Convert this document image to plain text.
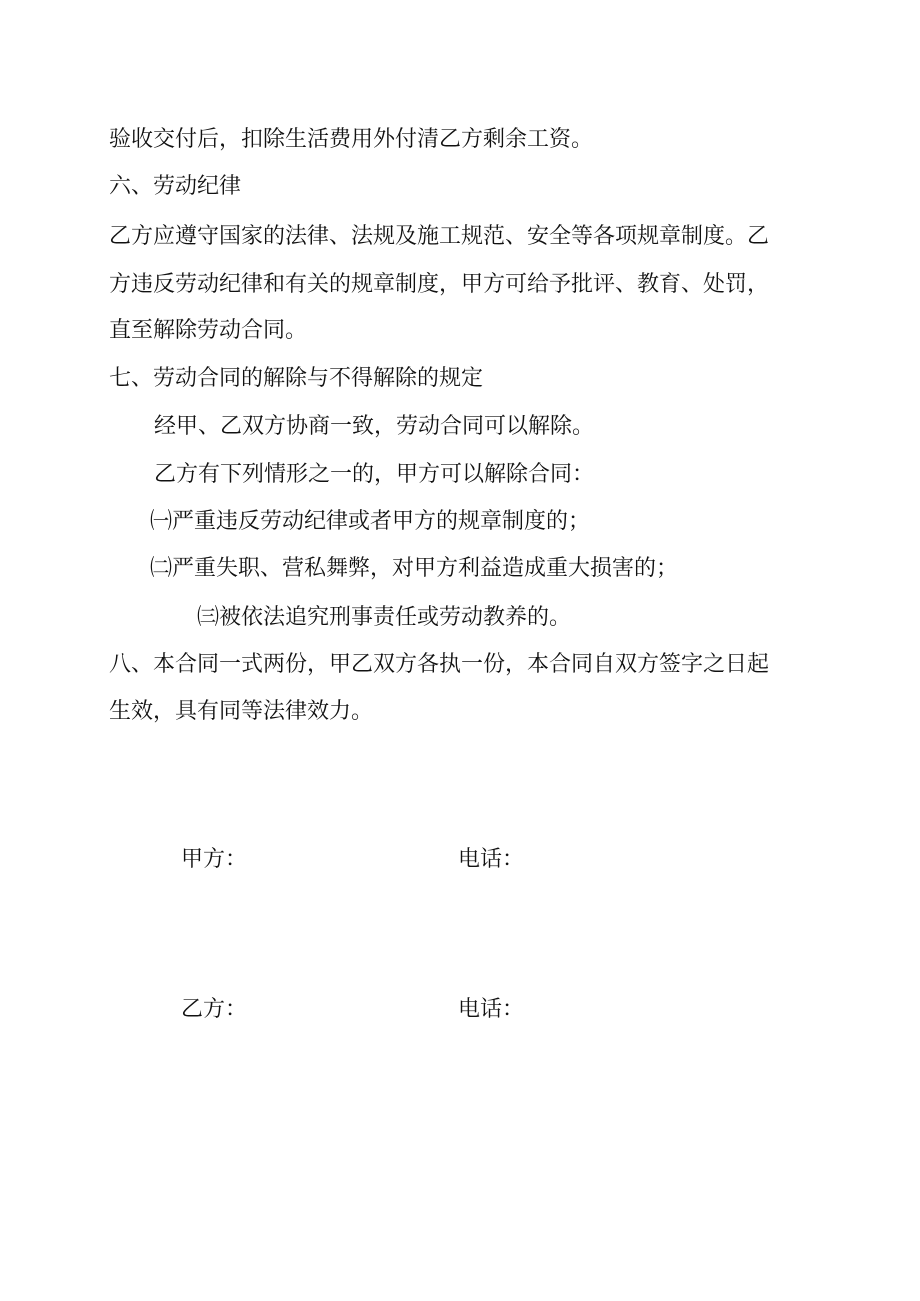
验收交付后，扣除生活费用外付清乙方剩余工资。
六、劳动纪律
乙方应遵守国家的法律、法规及施工规范、安全等各项规章制度。乙
方违反劳动纪律和有关的规章制度，甲方可给予批评、教育、处罚，
直至解除劳动合同。
七、劳动合同的解除与不得解除的规定
经甲、乙双方协商一致，劳动合同可以解除。
乙方有下列情形之一的，甲方可以解除合同：
㈠严重违反劳动纪律或者甲方的规章制度的；
㈡严重失职、营私舞弊，对甲方利益造成重大损害的；
㈢被依法追究刑事责任或劳动教养的。
八、本合同一式两份，甲乙双方各执一份，本合同自双方签字之日起
生效，具有同等法律效力。
甲方：	电话：
乙方：	电话：
